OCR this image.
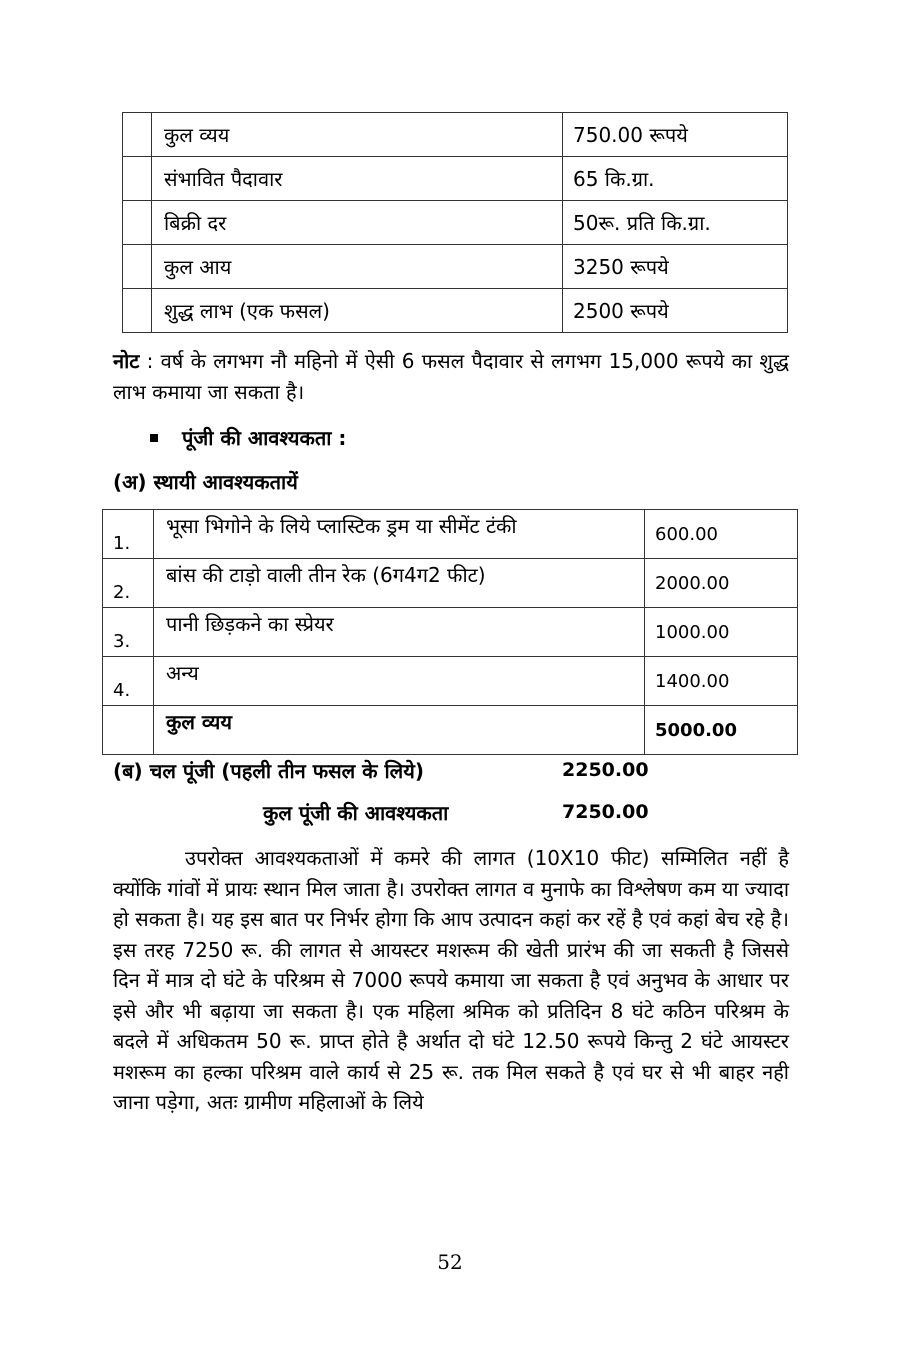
	कुल व्यय	750.00 रूपये
	संभावित पैदावार	65 कि.ग्रा.
	बिक्री दर	50रू. प्रति कि.ग्रा.
	कुल आय	3250 रूपये
	शुद्ध लाभ (एक फसल)	2500 रूपये
नोट : वर्ष के लगभग नौ महिनो में ऐसी 6 फसल पैदावार से लगभग 15,000 रूपये का शुद्ध लाभ कमाया जा सकता है।
पूंजी की आवश्यकता :
(अ) स्थायी आवश्यकतायें
1.	भूसा भिगोने के लिये प्लास्टिक ड्रम या सीमेंट टंकी	600.00
2.	बांस की टाड़ो वाली तीन रेक (6ग4ग2 फीट)	2000.00
3.	पानी छिड़कने का स्प्रेयर	1000.00
4.	अन्य	1400.00
	कुल व्यय	5000.00
(ब) चल पूंजी (पहली तीन फसल के लिये)	2250.00
कुल पूंजी की आवश्यकता	7250.00
उपरोक्त आवश्यकताओं में कमरे की लागत (10X10 फीट) सम्मिलित नहीं है क्योंकि गांवों में प्रायः स्थान मिल जाता है। उपरोक्त लागत व मुनाफे का विश्लेषण कम या ज्यादा हो सकता है। यह इस बात पर निर्भर होगा कि आप उत्पादन कहां कर रहें है एवं कहां बेच रहे है। इस तरह 7250 रू. की लागत से आयस्टर मशरूम की खेती प्रारंभ की जा सकती है जिससे दिन में मात्र दो घंटे के परिश्रम से 7000 रूपये कमाया जा सकता है एवं अनुभव के आधार पर इसे और भी बढ़ाया जा सकता है। एक महिला श्रमिक को प्रतिदिन 8 घंटे कठिन परिश्रम के बदले में अधिकतम 50 रू. प्राप्त होते है अर्थात दो घंटे 12.50 रूपये किन्तु 2 घंटे आयस्टर मशरूम का हल्का परिश्रम वाले कार्य से 25 रू. तक मिल सकते है एवं घर से भी बाहर नही जाना पड़ेगा, अतः ग्रामीण महिलाओं के लिये
52
